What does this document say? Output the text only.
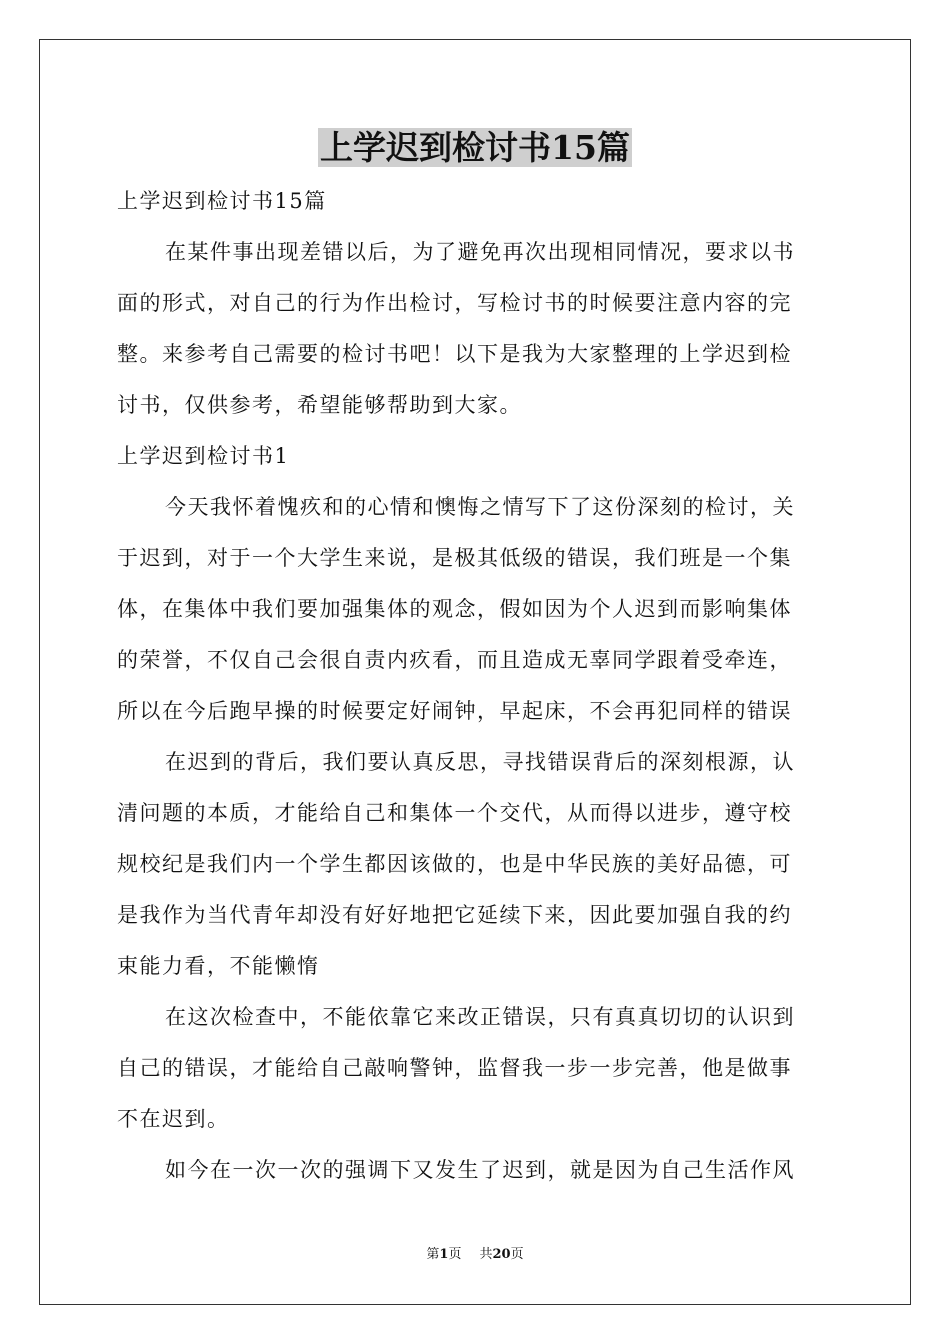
上学迟到检讨书15篇
上学迟到检讨书15篇
在某件事出现差错以后，为了避免再次出现相同情况，要求以书
面的形式，对自己的行为作出检讨，写检讨书的时候要注意内容的完
整。来参考自己需要的检讨书吧！以下是我为大家整理的上学迟到检
讨书，仅供参考，希望能够帮助到大家。
上学迟到检讨书1
今天我怀着愧疚和的心情和懊悔之情写下了这份深刻的检讨，关
于迟到，对于一个大学生来说，是极其低级的错误，我们班是一个集
体，在集体中我们要加强集体的观念，假如因为个人迟到而影响集体
的荣誉，不仅自己会很自责内疚看，而且造成无辜同学跟着受牵连，
所以在今后跑早操的时候要定好闹钟，早起床，不会再犯同样的错误
在迟到的背后，我们要认真反思，寻找错误背后的深刻根源，认
清问题的本质，才能给自己和集体一个交代，从而得以进步，遵守校
规校纪是我们内一个学生都因该做的，也是中华民族的美好品德，可
是我作为当代青年却没有好好地把它延续下来，因此要加强自我的约
束能力看，不能懒惰
在这次检查中，不能依靠它来改正错误，只有真真切切的认识到
自己的错误，才能给自己敲响警钟，监督我一步一步完善，他是做事
不在迟到。
如今在一次一次的强调下又发生了迟到，就是因为自己生活作风
第1页 共20页
